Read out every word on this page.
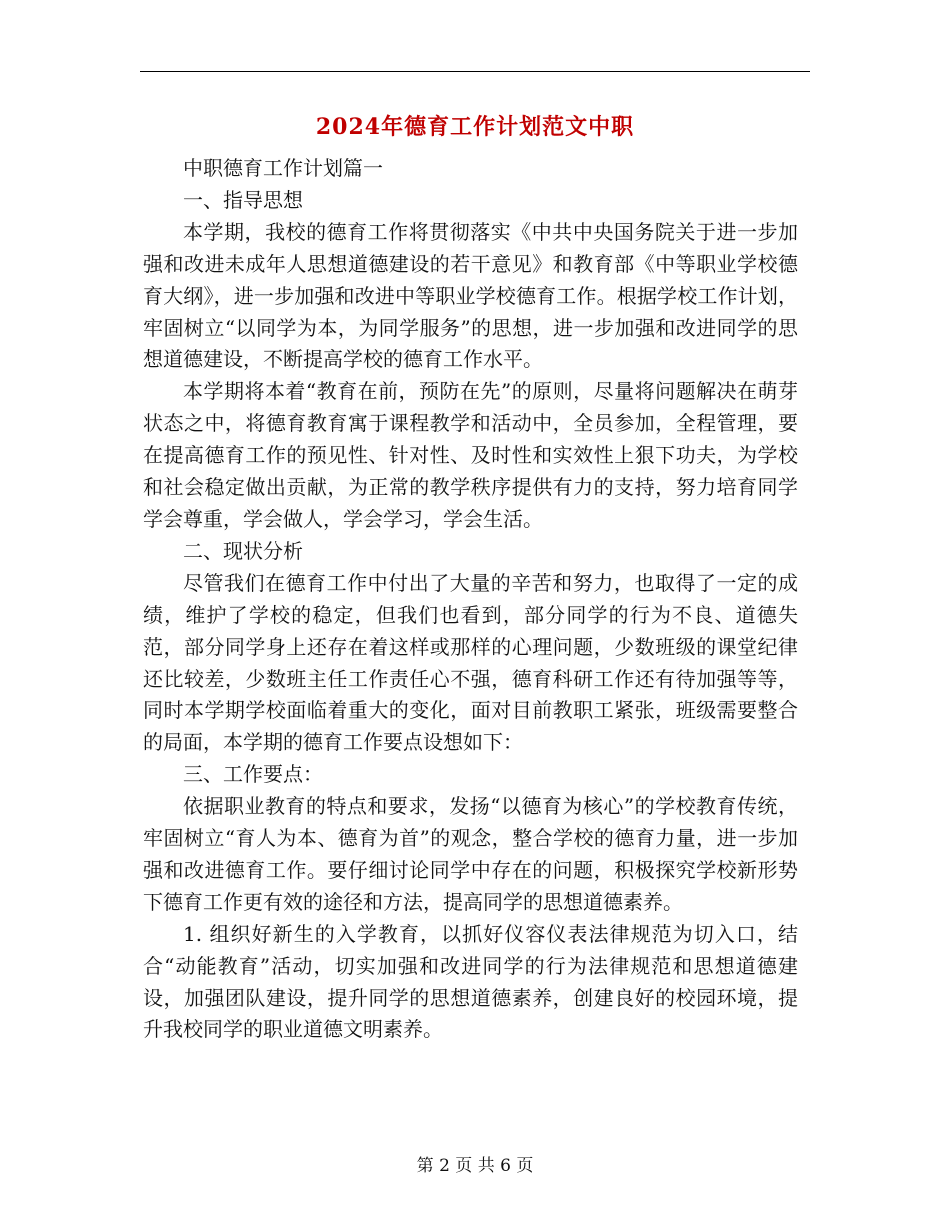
2024年德育工作计划范文中职

中职德育工作计划篇一

一、指导思想

本学期，我校的德育工作将贯彻落实《中共中央国务院关于进一步加强和改进未成年人思想道德建设的若干意见》和教育部《中等职业学校德育大纲》，进一步加强和改进中等职业学校德育工作。根据学校工作计划，牢固树立“以同学为本，为同学服务”的思想，进一步加强和改进同学的思想道德建设，不断提高学校的德育工作水平。

本学期将本着“教育在前，预防在先”的原则，尽量将问题解决在萌芽状态之中，将德育教育寓于课程教学和活动中，全员参加，全程管理，要在提高德育工作的预见性、针对性、及时性和实效性上狠下功夫，为学校和社会稳定做出贡献，为正常的教学秩序提供有力的支持，努力培育同学学会尊重，学会做人，学会学习，学会生活。

二、现状分析

尽管我们在德育工作中付出了大量的辛苦和努力，也取得了一定的成绩，维护了学校的稳定，但我们也看到，部分同学的行为不良、道德失范，部分同学身上还存在着这样或那样的心理问题，少数班级的课堂纪律还比较差，少数班主任工作责任心不强，德育科研工作还有待加强等等，同时本学期学校面临着重大的变化，面对目前教职工紧张，班级需要整合的局面，本学期的德育工作要点设想如下：

三、工作要点：

依据职业教育的特点和要求，发扬“以德育为核心”的学校教育传统，牢固树立“育人为本、德育为首”的观念，整合学校的德育力量，进一步加强和改进德育工作。要仔细讨论同学中存在的问题，积极探究学校新形势下德育工作更有效的途径和方法，提高同学的思想道德素养。

1. 组织好新生的入学教育，以抓好仪容仪表法律规范为切入口，结合“动能教育”活动，切实加强和改进同学的行为法律规范和思想道德建设，加强团队建设，提升同学的思想道德素养，创建良好的校园环境，提升我校同学的职业道德文明素养。

第 2 页 共 6 页
